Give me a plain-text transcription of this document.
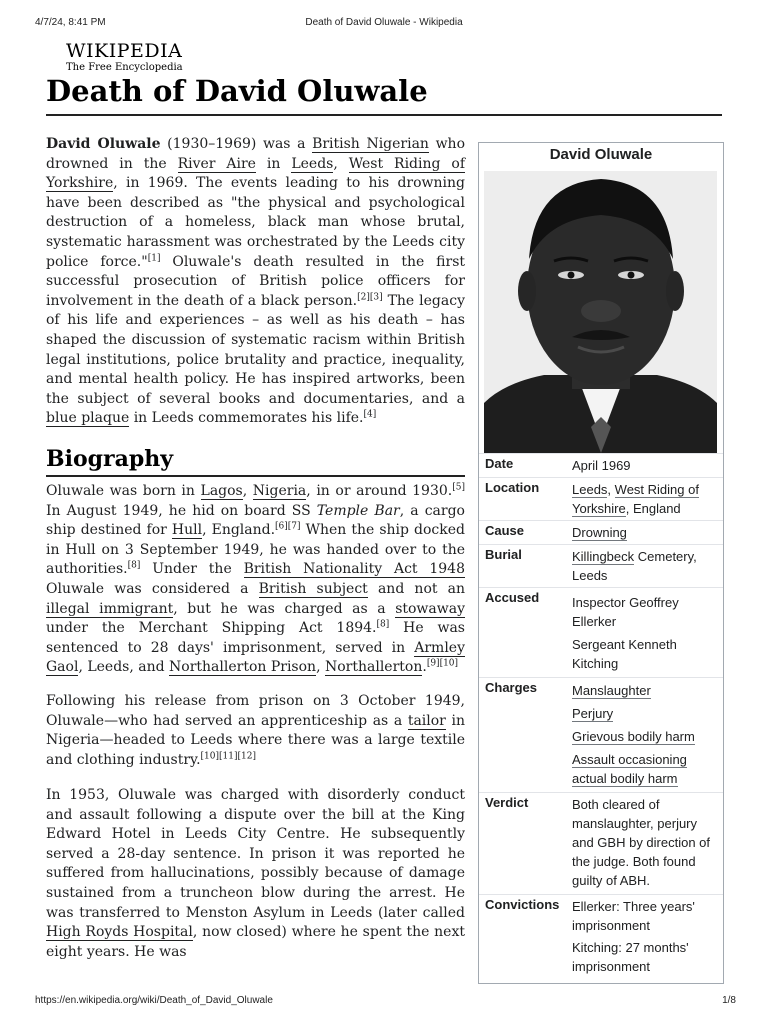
4/7/24, 8:41 PM	Death of David Oluwale - Wikipedia
WIKIPEDIA
The Free Encyclopedia
Death of David Oluwale

David Oluwale (1930–1969) was a British Nigerian who drowned in the River Aire in Leeds, West Riding of Yorkshire, in 1969. The events leading to his drowning have been described as "the physical and psychological destruction of a homeless, black man whose brutal, systematic harassment was orchestrated by the Leeds city police force."[1] Oluwale's death resulted in the first successful prosecution of British police officers for involvement in the death of a black person.[2][3] The legacy of his life and experiences – as well as his death – has shaped the discussion of systematic racism within British legal institutions, police brutality and practice, inequality, and mental health policy. He has inspired artworks, been the subject of several books and documentaries, and a blue plaque in Leeds commemorates his life.[4]

Biography

Oluwale was born in Lagos, Nigeria, in or around 1930.[5] In August 1949, he hid on board SS Temple Bar, a cargo ship destined for Hull, England.[6][7] When the ship docked in Hull on 3 September 1949, he was handed over to the authorities.[8] Under the British Nationality Act 1948 Oluwale was considered a British subject and not an illegal immigrant, but he was charged as a stowaway under the Merchant Shipping Act 1894.[8] He was sentenced to 28 days' imprisonment, served in Armley Gaol, Leeds, and Northallerton Prison, Northallerton.[9][10]

Following his release from prison on 3 October 1949, Oluwale—who had served an apprenticeship as a tailor in Nigeria—headed to Leeds where there was a large textile and clothing industry.[10][11][12]

In 1953, Oluwale was charged with disorderly conduct and assault following a dispute over the bill at the King Edward Hotel in Leeds City Centre. He subsequently served a 28-day sentence. In prison it was reported he suffered from hallucinations, possibly because of damage sustained from a truncheon blow during the arrest. He was transferred to Menston Asylum in Leeds (later called High Royds Hospital, now closed) where he spent the next eight years. He was

David Oluwale
Date	April 1969
Location	Leeds, West Riding of Yorkshire, England
Cause	Drowning
Burial	Killingbeck Cemetery, Leeds
Accused	Inspector Geoffrey Ellerker
Sergeant Kenneth Kitching
Charges	Manslaughter
Perjury
Grievous bodily harm
Assault occasioning actual bodily harm
Verdict	Both cleared of manslaughter, perjury and GBH by direction of the judge. Both found guilty of ABH.
Convictions Ellerker: Three years' imprisonment
Kitching: 27 months' imprisonment
https://en.wikipedia.org/wiki/Death_of_David_Oluwale	1/8
